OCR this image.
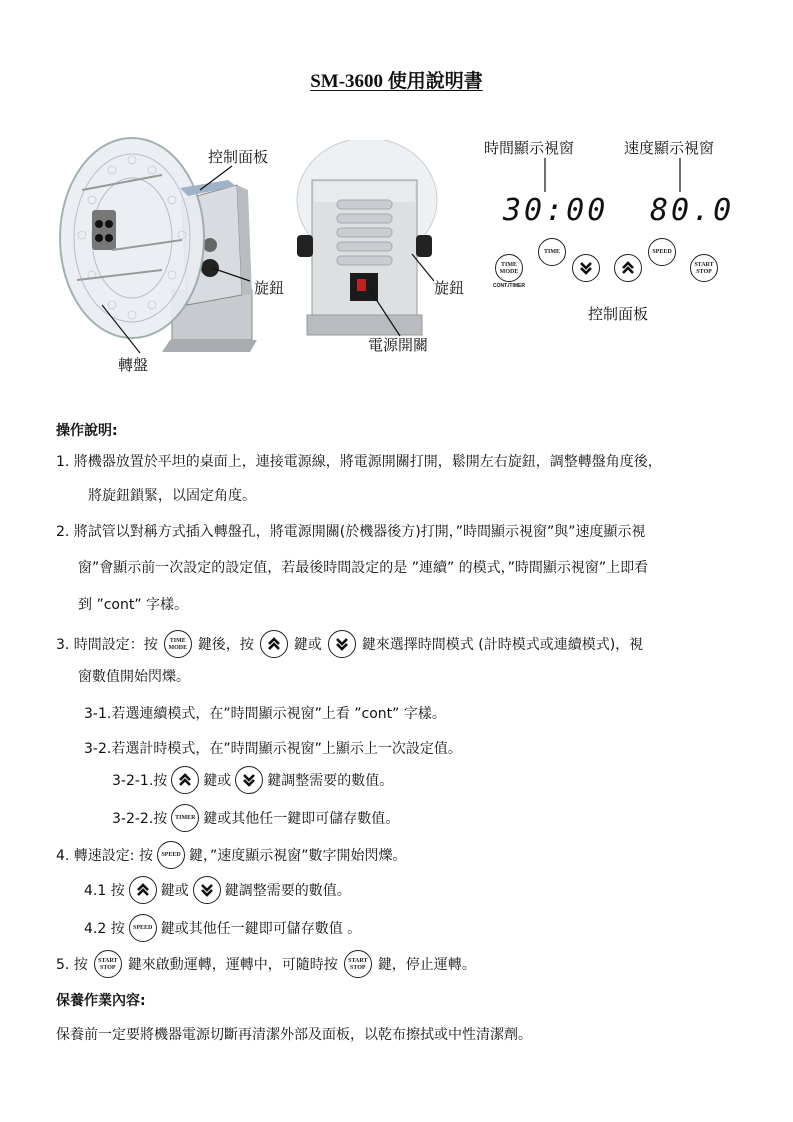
SM-3600 使用說明書
30:00 80.0
TIME
MODE
CONT./TIMER
TIME	SPEED
START
STOP
控制面板
旋鈕	旋鈕
轉盤
電源開關
時間顯示視窗	速度顯示視窗
控制面板
操作說明:
1. 將機器放置於平坦的桌面上，連接電源線，將電源開關打開，鬆開左右旋鈕，調整轉盤角度後，
將旋鈕鎖緊，以固定角度。
2. 將試管以對稱方式插入轉盤孔，將電源開關(於機器後方)打開，”時間顯示視窗”與”速度顯示視
窗”會顯示前一次設定的設定值，若最後時間設定的是 ”連續” 的模式，”時間顯示視窗”上即看
到 ”cont” 字樣。
3. 時間設定：按	TIME
MODE 鍵後，按	鍵或	鍵來選擇時間模式 (計時模式或連續模式)，視
窗數值開始閃爍。
3-1.若選連續模式，在”時間顯示視窗”上看 ”cont” 字樣。
3-2.若選計時模式，在”時間顯示視窗”上顯示上一次設定值。
3-2-1.按	鍵或	鍵調整需要的數值。
3-2-2.按	TIMER 鍵或其他任一鍵即可儲存數值。
4. 轉速設定: 按	SPEED 鍵，”速度顯示視窗”數字開始閃爍。
4.1 按	鍵或	鍵調整需要的數值。
4.2 按	SPEED 鍵或其他任一鍵即可儲存數值 。
5. 按	START
STOP 鍵來啟動運轉，運轉中，可隨時按	START
STOP 鍵，停止運轉。
保養作業內容:
保養前一定要將機器電源切斷再清潔外部及面板，以乾布擦拭或中性清潔劑。
